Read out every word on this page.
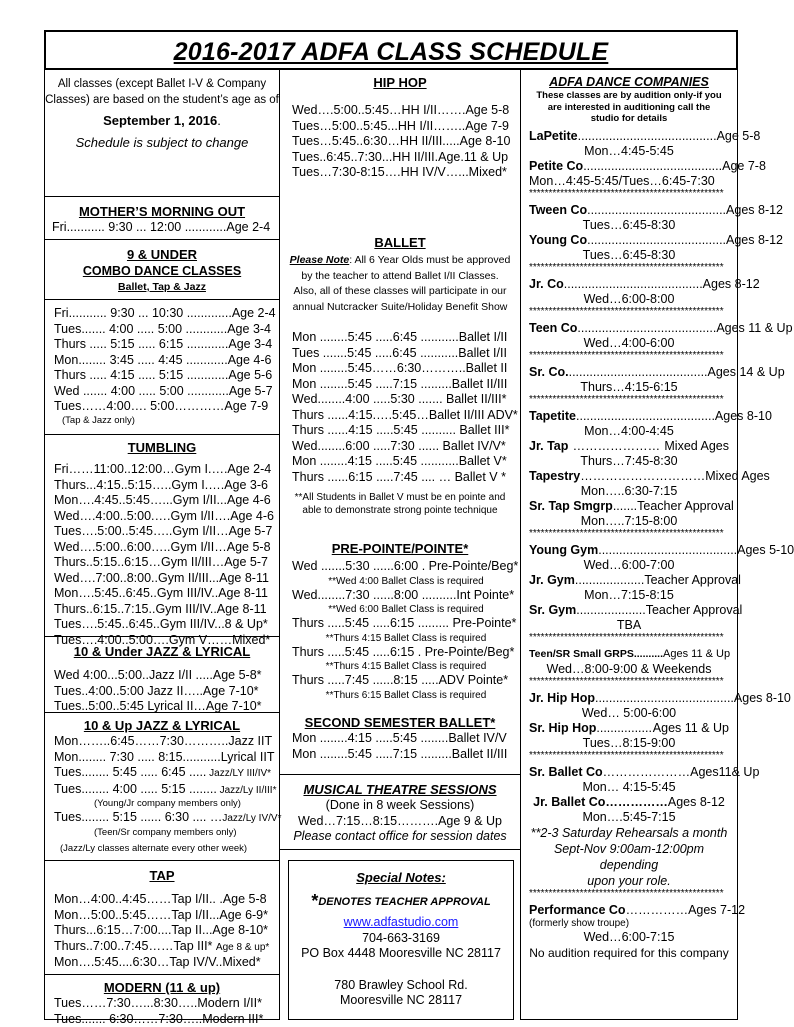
2016-2017 ADFA CLASS SCHEDULE
All classes (except Ballet I-V & Company
Classes) are based on the student’s age as of
September 1, 2016.
Schedule is subject to change
MOTHER’S MORNING OUT
Fri........... 9:30 ... 12:00 ............Age 2-4
9 & UNDER
COMBO DANCE CLASSES
Ballet, Tap & Jazz
Fri........... 9:30 ... 10:30 .............Age 2-4
Tues....... 4:00 ..... 5:00 ............Age 3-4
Thurs ..... 5:15 ..... 6:15 ............Age 3-4
Mon........ 3:45 ..... 4:45 ............Age 4-6
Thurs ..... 4:15 ..... 5:15 ............Age 5-6
Wed ....... 4:00 ..... 5:00 ............Age 5-7
Tues……4:00…. 5:00…………Age 7-9
(Tap & Jazz only)
TUMBLING
Fri……11:00..12:00…Gym I.….Age 2-4
Thurs...4:15..5:15…..Gym I.….Age 3-6
Mon….4:45..5:45…...Gym I/II...Age 4-6
Wed….4:00..5:00.….Gym I/II….Age 4-6
Tues….5:00..5:45…..Gym I/II…Age 5-7
Wed….5:00..6:00…..Gym I/II…Age 5-8
Thurs..5:15..6:15…Gym II/III…Age 5-7
Wed….7:00..8:00..Gym II/III...Age 8-11
Mon….5:45..6:45..Gym III/IV..Age 8-11
Thurs..6:15..7:15..Gym III/IV..Age 8-11
Tues….5:45..6:45..Gym III/IV...8 & Up*
Tues….4:00..5:00….Gym V……Mixed*
10 & Under JAZZ & LYRICAL
Wed 4:00...5:00..Jazz I/II .....Age 5-8*
Tues..4:00..5:00 Jazz II…..Age 7-10*
Tues..5:00..5:45 Lyrical II…Age 7-10*
10 & Up JAZZ & LYRICAL
Mon……..6:45……7:30………..Jazz IIT
Mon........ 7:30 ..... 8:15...........Lyrical IIT
Tues........ 5:45 ..... 6:45 ..... Jazz/LY III/IV*
Tues........ 4:00 ..... 5:15 ........ Jazz/Ly II/III*
(Young/Jr company members only)
Tues........ 5:15 ...... 6:30 .... …Jazz/Ly IV/V*
(Teen/Sr company members only)
(Jazz/Ly classes alternate every other week)
TAP
Mon…4:00..4:45……Tap I/II.. .Age 5-8
Mon…5:00..5:45……Tap I/II...Age 6-9*
Thurs...6:15…7:00....Tap II...Age 8-10*
Thurs..7:00..7:45……Tap III* Age 8 & up*
Mon….5:45....6:30…Tap IV/V..Mixed*
MODERN (11 & up)
Tues……7:30…...8:30…..Modern I/II*
Tues....... 6:30……7:30…..Modern III*
HIP HOP
Wed….5:00..5:45…HH I/II…….Age 5-8
Tues…5:00..5:45...HH I/II……..Age 7-9
Tues…5:45..6:30…HH II/III.....Age 8-10
Tues..6:45..7:30...HH II/III.Age.11 & Up
Tues…7:30-8:15….HH IV/V…...Mixed*
BALLET
Please Note: All 6 Year Olds must be approved
by the teacher to attend Ballet I/II Classes.
Also, all of these classes will participate in our
annual Nutcracker Suite/Holiday Benefit Show
Mon ........5:45 .....6:45 ...........Ballet I/II
Tues .......5:45 .....6:45 ...........Ballet I/II
Mon ........5:45……6:30………..Ballet II
Mon ........5:45 .....7:15 .........Ballet II/III
Wed........4:00 .....5:30 ....... Ballet II/III*
Thurs ......4:15.….5:45…Ballet II/III ADV*
Thurs ......4:15 .....5:45 .......... Ballet III*
Wed........6:00 .....7:30 ...... Ballet IV/V*
Mon ........4:15 .....5:45 ...........Ballet V*
Thurs ......6:15 .....7:45 .... … Ballet V *
**All Students in Ballet V must be en pointe and
able to demonstrate strong pointe technique
PRE-POINTE/POINTE*
Wed .......5:30 ......6:00 . Pre-Pointe/Beg*
**Wed 4:00 Ballet Class is required
Wed........7:30 ......8:00 ..........Int Pointe*
**Wed 6:00 Ballet Class is required
Thurs .....5:45 .....6:15 ......... Pre-Pointe*
**Thurs 4:15 Ballet Class is required
Thurs .....5:45 .....6:15 . Pre-Pointe/Beg*
**Thurs 4:15 Ballet Class is required
Thurs .....7:45 ......8:15 .....ADV Pointe*
**Thurs 6:15 Ballet Class is required
SECOND SEMESTER BALLET*
Mon ........4:15 .....5:45 ........Ballet IV/V
Mon ........5:45 .....7:15 .........Ballet II/III
MUSICAL THEATRE SESSIONS
(Done in 8 week Sessions)
Wed…7:15…8:15……….Age 9 & Up
Please contact office for session dates
Special Notes:
*DENOTES TEACHER APPROVAL
www.adfastudio.com
704-663-3169
PO Box 4448 Mooresville NC 28117
780 Brawley School Rd.
Mooresville NC 28117
ADFA DANCE COMPANIES
These classes are by audition only-if you
are interested in auditioning call the
studio for details
LaPetite ........................................ Age 5-8
Mon…4:45-5:45
Petite Co ........................................ Age 7-8
Mon…4:45-5:45/Tues…6:45-7:30
**************************************************
Tween Co ........................................ Ages 8-12
Tues…6:45-8:30
Young Co ........................................ Ages 8-12
Tues…6:45-8:30
**************************************************
Jr. Co ........................................ Ages 8-12
Wed…6:00-8:00
**************************************************
Teen Co ........................................ Ages 11 & Up
Wed…4:00-6:00
**************************************************
Sr. Co. ........................................ Ages 14 & Up
Thurs…4:15-6:15
**************************************************
Tapetite ........................................ Ages 8-10
Mon…4:00-4:45
Jr. Tap ………………… Mixed Ages
Thurs…7:45-8:30
Tapestry ………………………… Mixed Ages
Mon…..6:30-7:15
Sr. Tap Smgrp ....... Teacher Approval
Mon…..7:15-8:00
**************************************************
Young Gym ........................................ Ages 5-10
Wed…6:00-7:00
Jr. Gym .................... Teacher Approval
Mon…7:15-8:15
Sr. Gym .................... Teacher Approval
TBA
**************************************************
Teen/SR Small GRPS.......... Ages 11 & Up
Wed…8:00-9:00 & Weekends
**************************************************
Jr. Hip Hop ........................................ Ages 8-10
Wed… 5:00-6:00
Sr. Hip Hop ................ Ages 11 & Up
Tues…8:15-9:00
**************************************************
Sr. Ballet Co ………………… Ages11& Up
Mon… 4:15-5:45
Jr. Ballet Co……………Ages 8-12
Mon….5:45-7:15
**2-3 Saturday Rehearsals a month
Sept-Nov 9:00am-12:00pm depending
upon your role.
**************************************************
Performance Co …………… Ages 7-12
(formerly show troupe)
Wed…6:00-7:15
No audition required for this company
